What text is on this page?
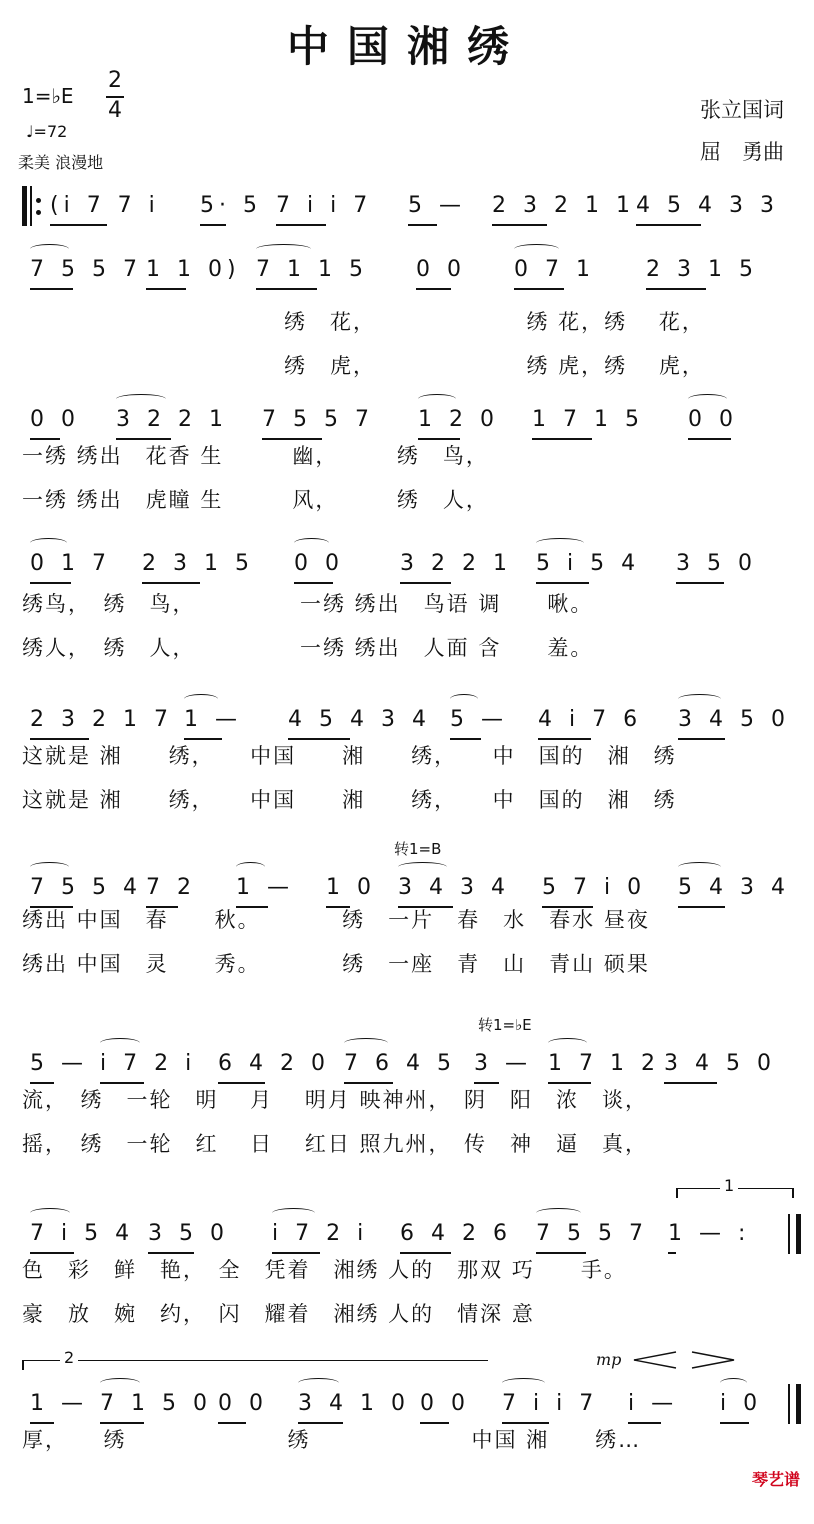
中国湘绣
1=♭E
2
4
♩=72
柔美 浪漫地
张立国词
屈　勇曲
转1=B
转1=♭E
1
2	mp
(i 7 7 i 5· 5 7 i i 7 5 — 2 3 2 1 1 4 5 4 3 3
7 5 5 7 1 1 0) 7 1 1 5 0 0 0 7 1 2 3 1 5
绣　花，　　　　　　　绣 花，绣　 花，
绣　虎，　　　　　　　绣 虎，绣　 虎，
0 0 3 2 2 1 7 5 5 7 1 2 0 1 7 1 5 0 0
一绣 绣出　花香 生　　　幽，　　　绣　鸟，
一绣 绣出　虎瞳 生　　　风，　　　绣　人，
0 1 7 2 3 1 5 0 0	3 2 2 1 5 i 5 4 3 5 0
绣鸟，　绣　鸟，　　　　　一绣 绣出　鸟语 调　　啾。
绣人，　绣　人，　　　　　一绣 绣出　人面 含　　羞。
2 3 2 1 7 1 — 4 5 4 3 4 5 — 4 i 7 6 3 4 5 0
这就是 湘　　绣，　　中国　　湘　　绣，　　中　国的　湘　绣
这就是 湘　　绣，　　中国　　湘　　绣，　　中　国的　湘　绣
7 5 5 4 7 2 1 — 1 0 3 4 3 4 5 7 i 0 5 4 3 4
绣出 中国　春　　秋。　　　　绣　一片　春　水　春水 昼夜
绣出 中国　灵　　秀。　　　　绣　一座　青　山　青山 硕果
5 — i 7 2 i 6 4 2 0 7 6 4 5 3 — 1 7 1 2 3 4 5 0
流，　绣　一轮　明　 月　 明月 映神州，　阴　阳　浓　谈，
摇，　绣　一轮　红　 日　 红日 照九州，　传　神　逼　真，
7 i 5 4 3 5 0 i 7 2 i 6 4 2 6 7 5 5 7 1 — :
色　彩　鲜　艳，　全　凭着　湘绣 人的　那双 巧　　手。
豪　放　婉　约，　闪　耀着　湘绣 人的　情深 意
1 — 7 1 5 0 0 0 3 4 1 0 0 0 7 i i 7 i — i 0
厚，　　绣　　　　　　　绣　　　　　　　中国 湘　　绣…
琴艺谱
